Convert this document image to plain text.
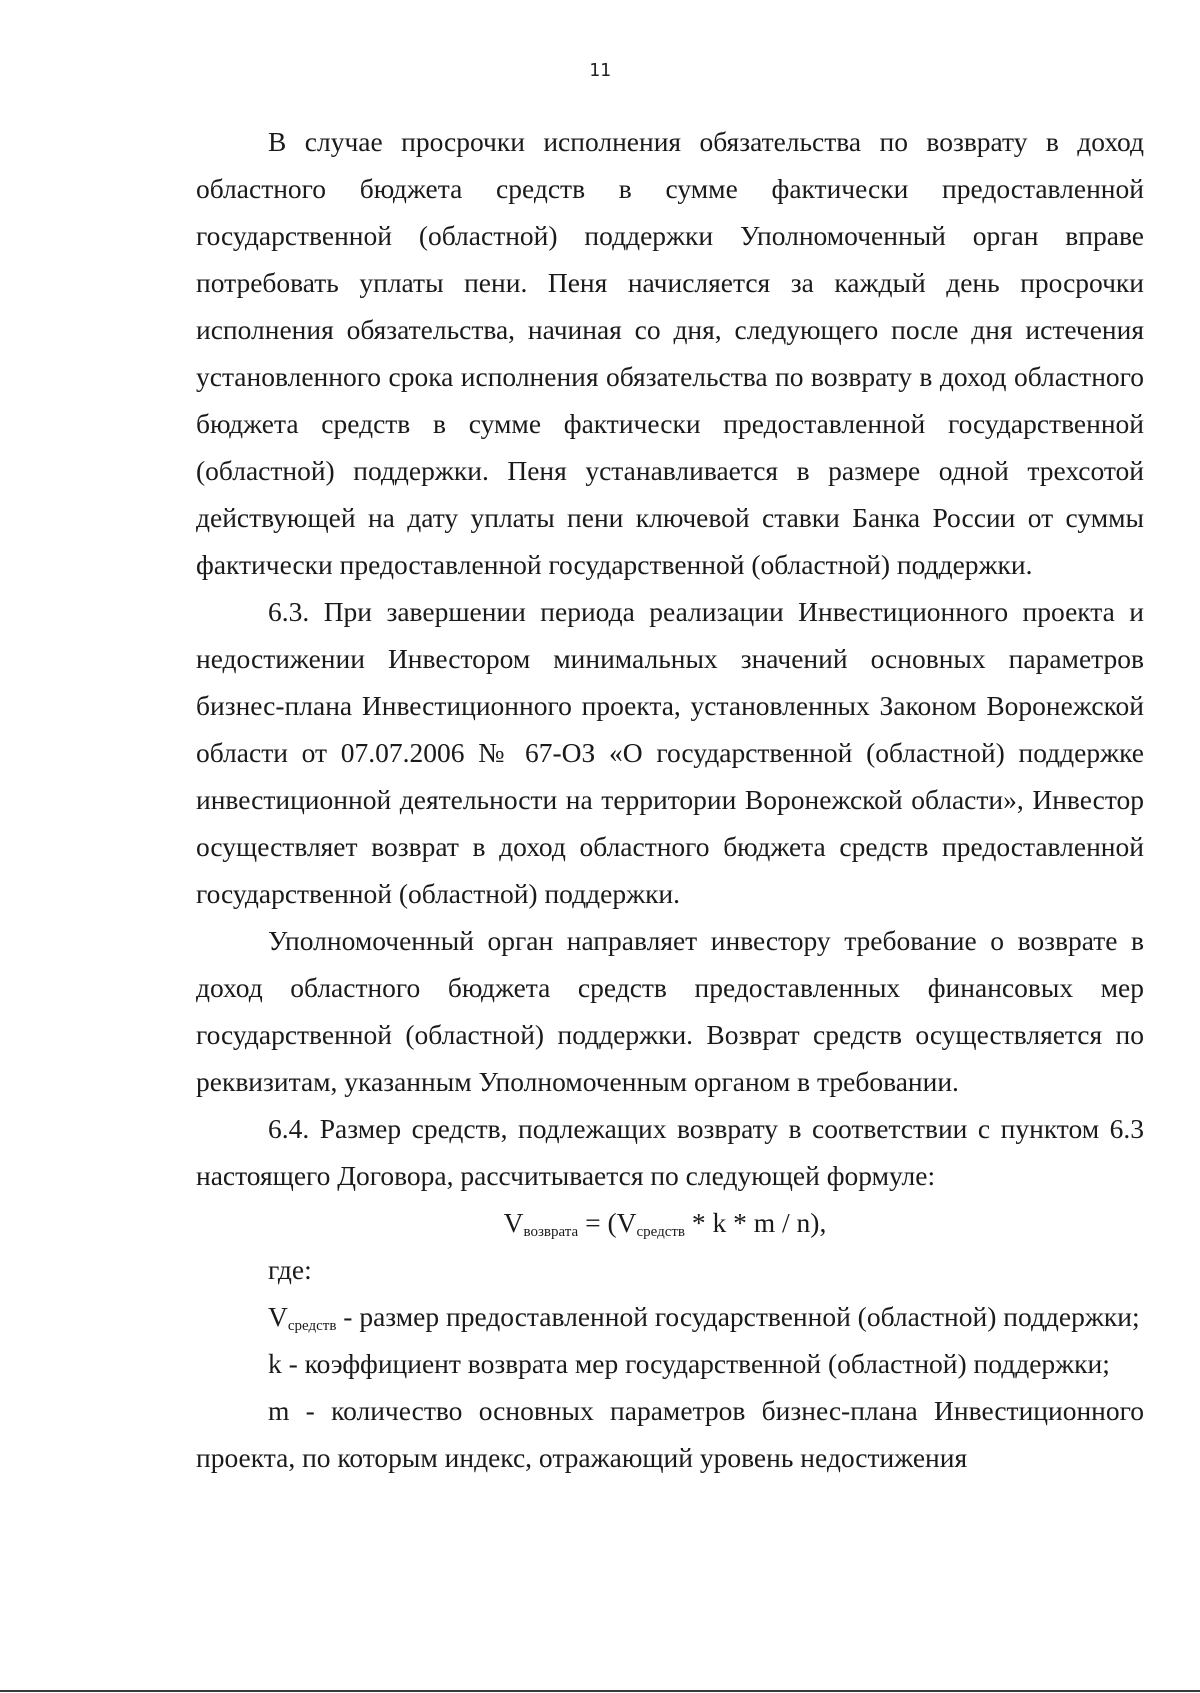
11

В случае просрочки исполнения обязательства по возврату в доход областного бюджета средств в сумме фактически предоставленной государственной (областной) поддержки Уполномоченный орган вправе потребовать уплаты пени. Пеня начисляется за каждый день просрочки исполнения обязательства, начиная со дня, следующего после дня истечения установленного срока исполнения обязательства по возврату в доход областного бюджета средств в сумме фактически предоставленной государственной (областной) поддержки. Пеня устанавливается в размере одной трехсотой действующей на дату уплаты пени ключевой ставки Банка России от суммы фактически предоставленной государственной (областной) поддержки.

6.3. При завершении периода реализации Инвестиционного проекта и недостижении Инвестором минимальных значений основных параметров бизнес-плана Инвестиционного проекта, установленных Законом Воронежской области от 07.07.2006 № 67-ОЗ «О государственной (областной) поддержке инвестиционной деятельности на территории Воронежской области», Инвестор осуществляет возврат в доход областного бюджета средств предоставленной государственной (областной) поддержки.

Уполномоченный орган направляет инвестору требование о возврате в доход областного бюджета средств предоставленных финансовых мер государственной (областной) поддержки. Возврат средств осуществляется по реквизитам, указанным Уполномоченным органом в требовании.

6.4. Размер средств, подлежащих возврату в соответствии с пунктом 6.3 настоящего Договора, рассчитывается по следующей формуле:

$V_{возврата} = (V_{средств} * k * m / n)$,

где:

$V_{средств}$ - размер предоставленной государственной (областной) поддержки;

k - коэффициент возврата мер государственной (областной) поддержки;

m - количество основных параметров бизнес-плана Инвестиционного проекта, по которым индекс, отражающий уровень недостижения
